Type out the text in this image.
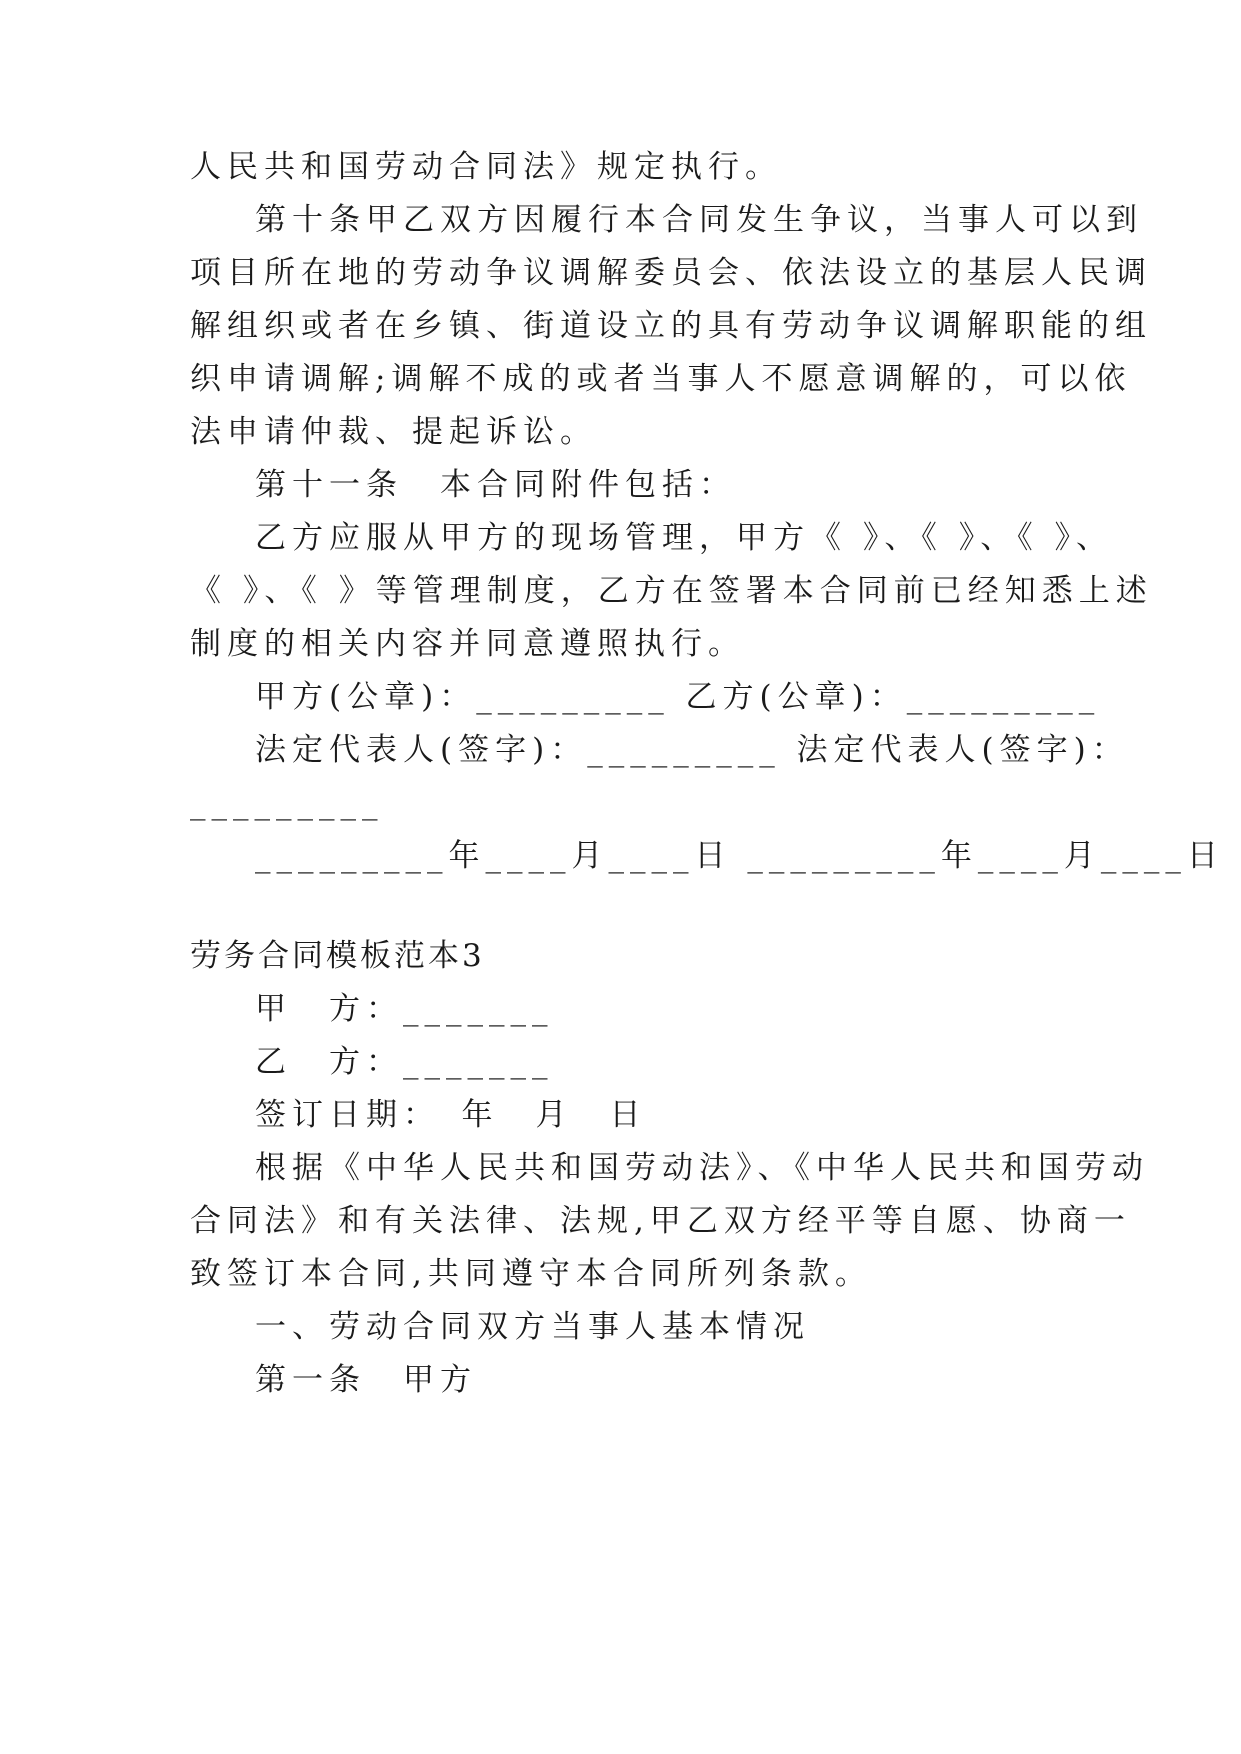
人民共和国劳动合同法》规定执行。
第十条甲乙双方因履行本合同发生争议，当事人可以到
项目所在地的劳动争议调解委员会、依法设立的基层人民调
解组织或者在乡镇、街道设立的具有劳动争议调解职能的组
织申请调解;调解不成的或者当事人不愿意调解的，可以依
法申请仲裁、提起诉讼。
第十一条　本合同附件包括：
乙方应服从甲方的现场管理，甲方《 》、《 》、《 》、
《 》、《 》等管理制度，乙方在签署本合同前已经知悉上述
制度的相关内容并同意遵照执行。
甲方(公章)：_________ 乙方(公章)：_________
法定代表人(签字)：_________ 法定代表人(签字)：
_________
_________年____月____日 _________年____月____日
劳务合同模板范本3
甲　方：_______
乙　方：_______
签订日期：　年　月　日
根据《中华人民共和国劳动法》、《中华人民共和国劳动
合同法》和有关法律、法规,甲乙双方经平等自愿、协商一
致签订本合同,共同遵守本合同所列条款。
一、劳动合同双方当事人基本情况
第一条　甲方
